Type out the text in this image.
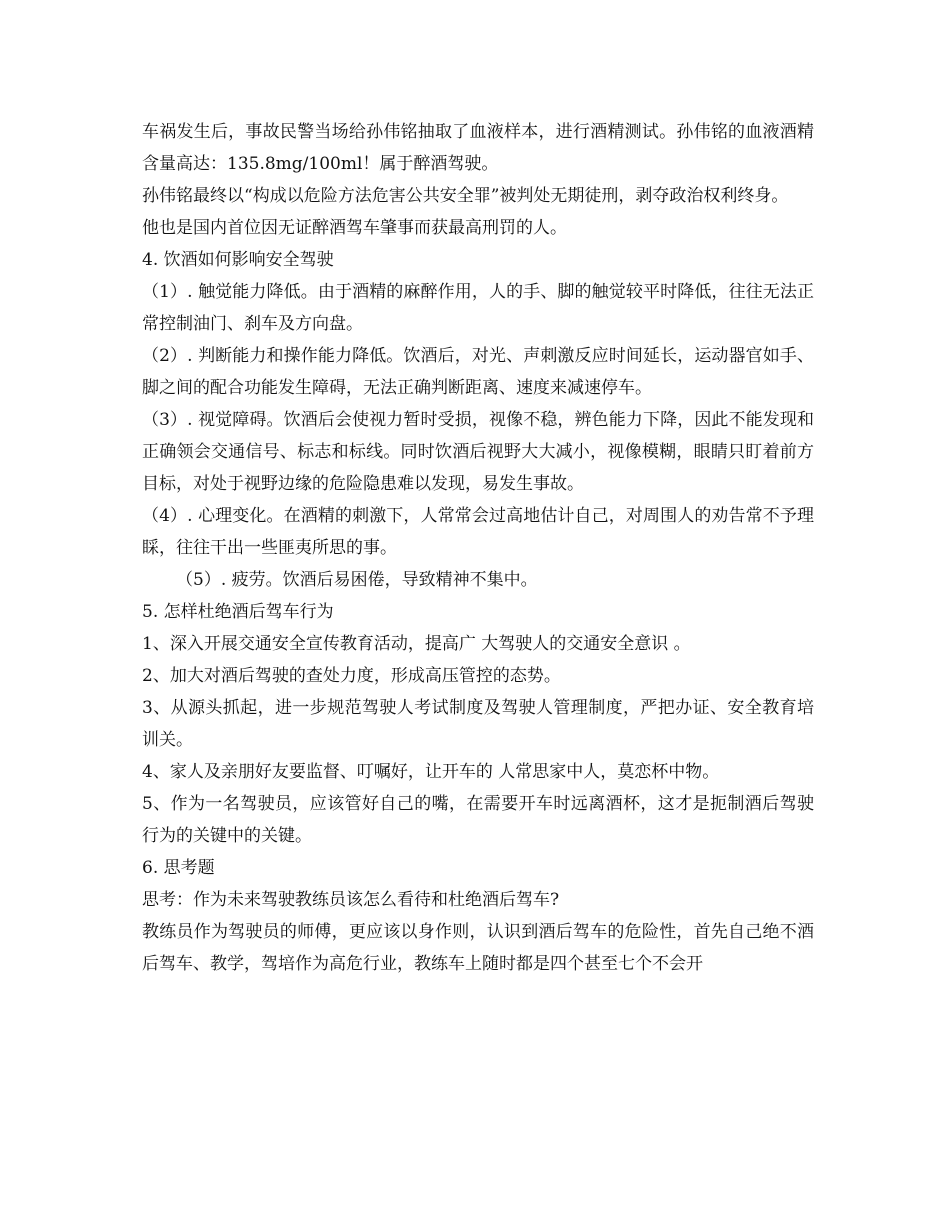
车祸发生后，事故民警当场给孙伟铭抽取了血液样本，进行酒精测试。孙伟铭的血液酒精含量高达：135.8mg/100ml！属于醉酒驾驶。

孙伟铭最终以“构成以危险方法危害公共安全罪”被判处无期徒刑，剥夺政治权利终身。

他也是国内首位因无证醉酒驾车肇事而获最高刑罚的人。

4. 饮酒如何影响安全驾驶

（1）. 触觉能力降低。由于酒精的麻醉作用，人的手、脚的触觉较平时降低，往往无法正常控制油门、刹车及方向盘。

（2）. 判断能力和操作能力降低。饮酒后，对光、声刺激反应时间延长，运动器官如手、脚之间的配合功能发生障碍，无法正确判断距离、速度来减速停车。

（3）. 视觉障碍。饮酒后会使视力暂时受损，视像不稳，辨色能力下降，因此不能发现和正确领会交通信号、标志和标线。同时饮酒后视野大大减小，视像模糊，眼睛只盯着前方目标，对处于视野边缘的危险隐患难以发现，易发生事故。

（4）. 心理变化。在酒精的刺激下，人常常会过高地估计自己，对周围人的劝告常不予理睬，往往干出一些匪夷所思的事。

（5）. 疲劳。饮酒后易困倦，导致精神不集中。

5. 怎样杜绝酒后驾车行为

1、深入开展交通安全宣传教育活动，提高广 大驾驶人的交通安全意识 。

2、加大对酒后驾驶的查处力度，形成高压管控的态势。

3、从源头抓起，进一步规范驾驶人考试制度及驾驶人管理制度，严把办证、安全教育培训关。

4、家人及亲朋好友要监督、叮嘱好，让开车的 人常思家中人，莫恋杯中物。

5、作为一名驾驶员，应该管好自己的嘴，在需要开车时远离酒杯，这才是扼制酒后驾驶行为的关键中的关键。

6. 思考题

思考：作为未来驾驶教练员该怎么看待和杜绝酒后驾车?

教练员作为驾驶员的师傅，更应该以身作则，认识到酒后驾车的危险性，首先自己绝不酒后驾车、教学，驾培作为高危行业，教练车上随时都是四个甚至七个不会开
